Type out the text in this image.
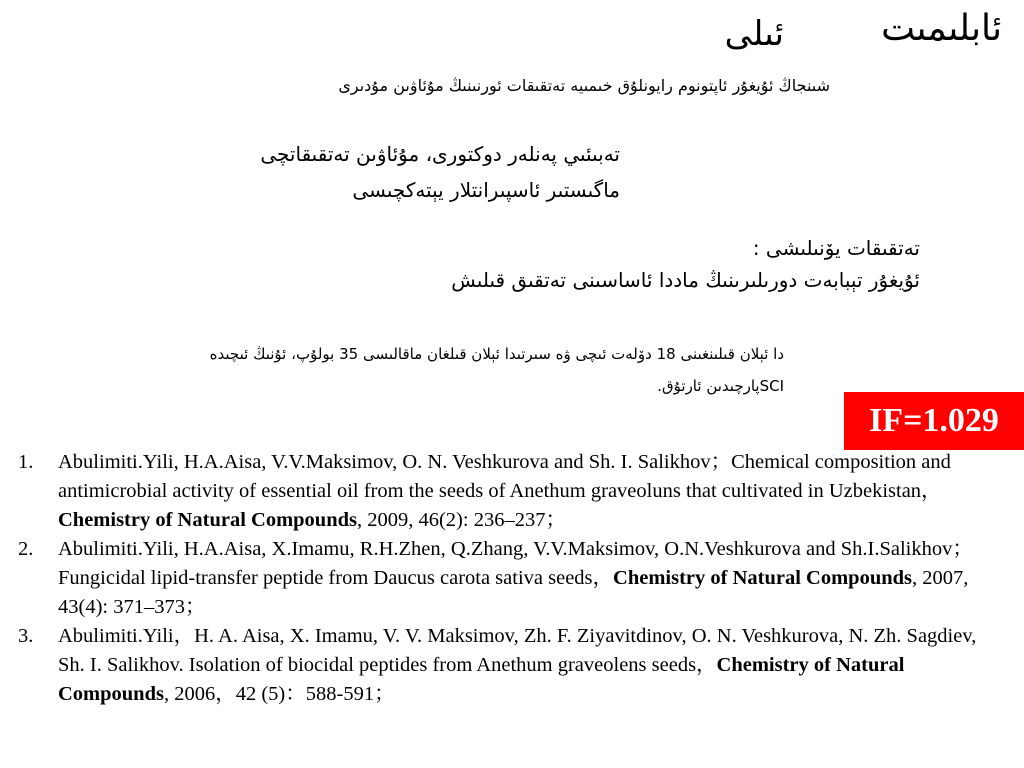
ئابلىمىت
ئىلى
شىنجاڭ ئۇيغۇر ئاپتونوم رايونلۇق خىمىيە تەتقىقات ئورنىنىڭ مۇئاۋىن مۇدىرى
تەبىئىي پەنلەر دوكتورى، مۇئاۋىن تەتقىقاتچى
ماگىستىر ئاسپىرانتلار يېتەكچىسى
تەتقىقات يۆنىلىشى :
ئۇيغۇر تېبابەت دورىلىرىنىڭ ماددا ئاساسىنى تەتقىق قىلىش
دا ئېلان قىلىنغىنى 18 دۆلەت ئىچى ۋە سىرتىدا ئېلان قىلغان ماقالىسى 35 بولۇپ، ئۇنىڭ ئىچىدە
SCIپارچىدىن ئارتۇق.
IF=1.029
1.	Abulimiti.Yili, H.A.Aisa, V.V.Maksimov, O. N. Veshkurova and Sh. I. Salikhov；Chemical composition and antimicrobial activity of essential oil from the seeds of Anethum graveoluns that cultivated in Uzbekistan，Chemistry of Natural Compounds, 2009, 46(2): 236–237；
2.	Abulimiti.Yili, H.A.Aisa, X.Imamu, R.H.Zhen, Q.Zhang, V.V.Maksimov, O.N.Veshkurova and Sh.I.Salikhov； Fungicidal lipid-transfer peptide from Daucus carota sativa seeds，Chemistry of Natural Compounds, 2007, 43(4): 371–373；
3.	Abulimiti.Yili，H. A. Aisa, X. Imamu, V. V. Maksimov, Zh. F. Ziyavitdinov, O. N. Veshkurova, N. Zh. Sagdiev, Sh. I. Salikhov. Isolation of biocidal peptides from Anethum graveolens seeds，Chemistry of Natural Compounds, 2006，42 (5)：588-591；
